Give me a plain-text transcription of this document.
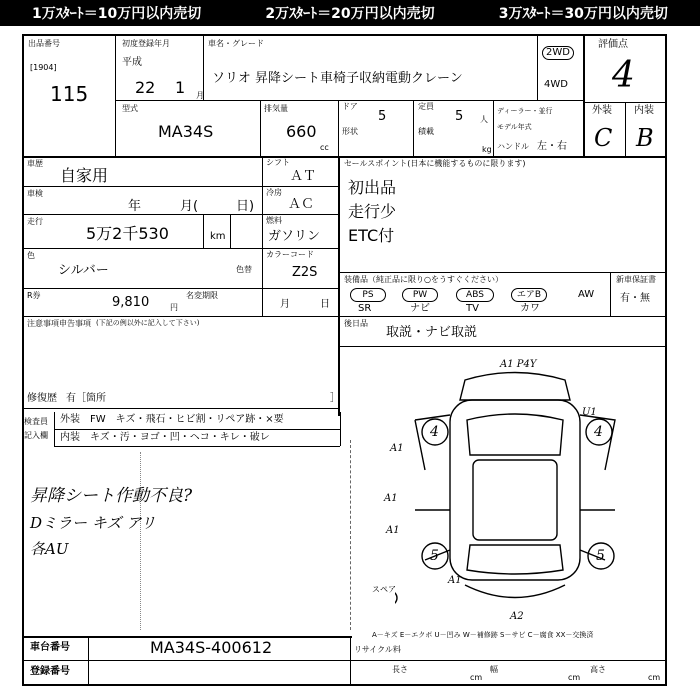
1万ｽﾀｰﾄ＝10万円以内売切	2万ｽﾀｰﾄ＝20万円以内売切	3万ｽﾀｰﾄ＝30万円以内売切
出品番号
[1904]
115
初度登録年月
平成
22 1 月
車名・グレード
ソリオ 昇降シート車椅子収納電動クレーン
2WD
4WD
評価点
4
型式
MA34S
排気量
660
cc
ドア
5
形状
定員
5 人
積載
kg
ディーラー・並行
モデル年式
ハンドル 左・右
外装 内装
C B
車歴
自家用
車検
年	月(	日)
走行
5万2千530	km
色
シルバー	色替
シフト
ＡＴ
冷房
ＡＣ
燃料
ガソリン
カラーコード
Z2S
R券	9,810	円
名変期限
月	日
セールスポイント(日本に機能するものに限ります)
初出品
走行少
ETC付
装備品（純正品に限り○をうすぐください）
PS	PW	ABS	エアB	AW
SR	ナビ	TV	カワ
新車保証書
有・無
後日品
取説・ナビ取説
注意事項申告事項 (下記の例以外に記入して下さい)
修復歴 有［箇所	］
検査員
記入欄
外装　FW　キズ・飛石・ヒビ割・リペア跡・×要
内装　キズ・汚・ヨゴ・凹・ヘコ・キレ・破レ
昇降シート作動不良?
Dミラー キズ アリ
各AU
A1 P4Y
U1
A1
A1
A1
A1
A2
4	4
5	5
スペア
A－キズ E－エクボ U－凹み W－補修跡 S－サビ C－腐食 XX－交換済
車台番号	MA34S-400612
登録番号
リサイクル料
長さ
cm
幅
cm
高さ
cm
